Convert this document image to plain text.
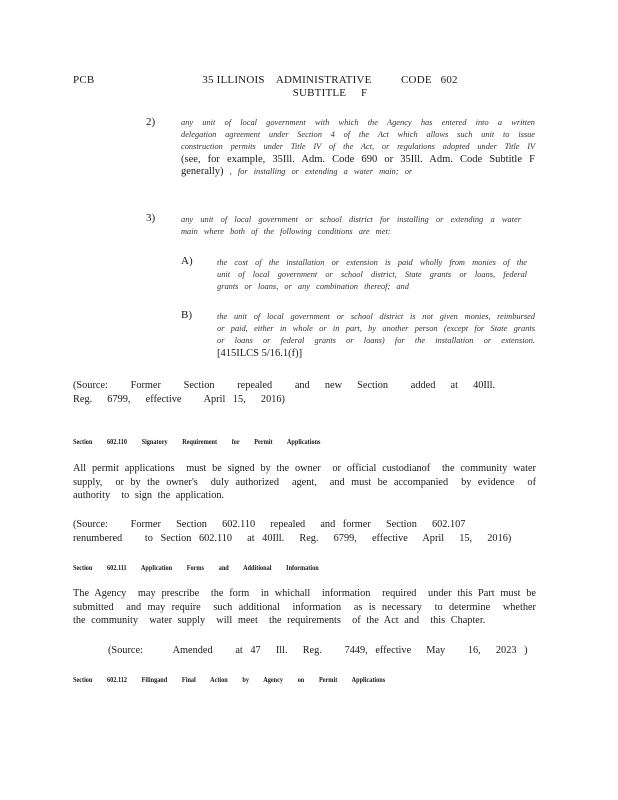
PCB	35 ILLINOIS    ADMINISTRATIVE          CODE   602
SUBTITLE     F
2)	any unit of local government with which the Agency has entered into a written delegation agreement under Section 4 of the Act which allows such unit to issue construction permits under Title IV of the Act, or regulations adopted under Title IV (see, for example, 35Ill. Adm. Code 690 or 35Ill. Adm. Code Subtitle F generally) , for installing or extending a water main; or
3)	any unit of local government or school district for installing or extending a water main where both of the following conditions are met:
A)	the cost of the installation or extension is paid wholly from monies of the unit of local government or school district, State grants or loans, federal grants or loans, or any combination thereof; and
B)	the unit of local government or school district is not given monies, reimbursed or paid, either in whole or in part, by another person (except for State grants or loans or federal grants or loans) for the installation or extension. [415ILCS 5/16.1(f)]
(Source:   Former   Section   repealed   and  new  Section   added  at  40Ill.  Reg.  6799,  effective   April 15,  2016)
Section 602.110 Signatory Requirement for Permit Applications
All permit applications  must be signed by the owner  or official custodianof  the community water supply,  or by the owner's  duly authorized  agent,  and must be accompanied  by evidence  of authority  to sign the application.
(Source:   Former  Section  602.110  repealed  and former  Section  602.107  renumbered   to Section 602.110  at 40Ill.  Reg.  6799,  effective  April  15,  2016)
Section 602.111 Application Forms and Additional Information
The Agency  may prescribe  the form  in whichall  information  required  under this Part must be submitted  and may require  such additional  information  as is necessary  to determine  whether  the community  water supply  will meet  the requirements  of the Act and  this Chapter.
(Source:    Amended   at 47  Ill.  Reg.   7449, effective  May   16,  2023 )
Section 602.112 Filingand Final Action by Agency on Permit Applications
